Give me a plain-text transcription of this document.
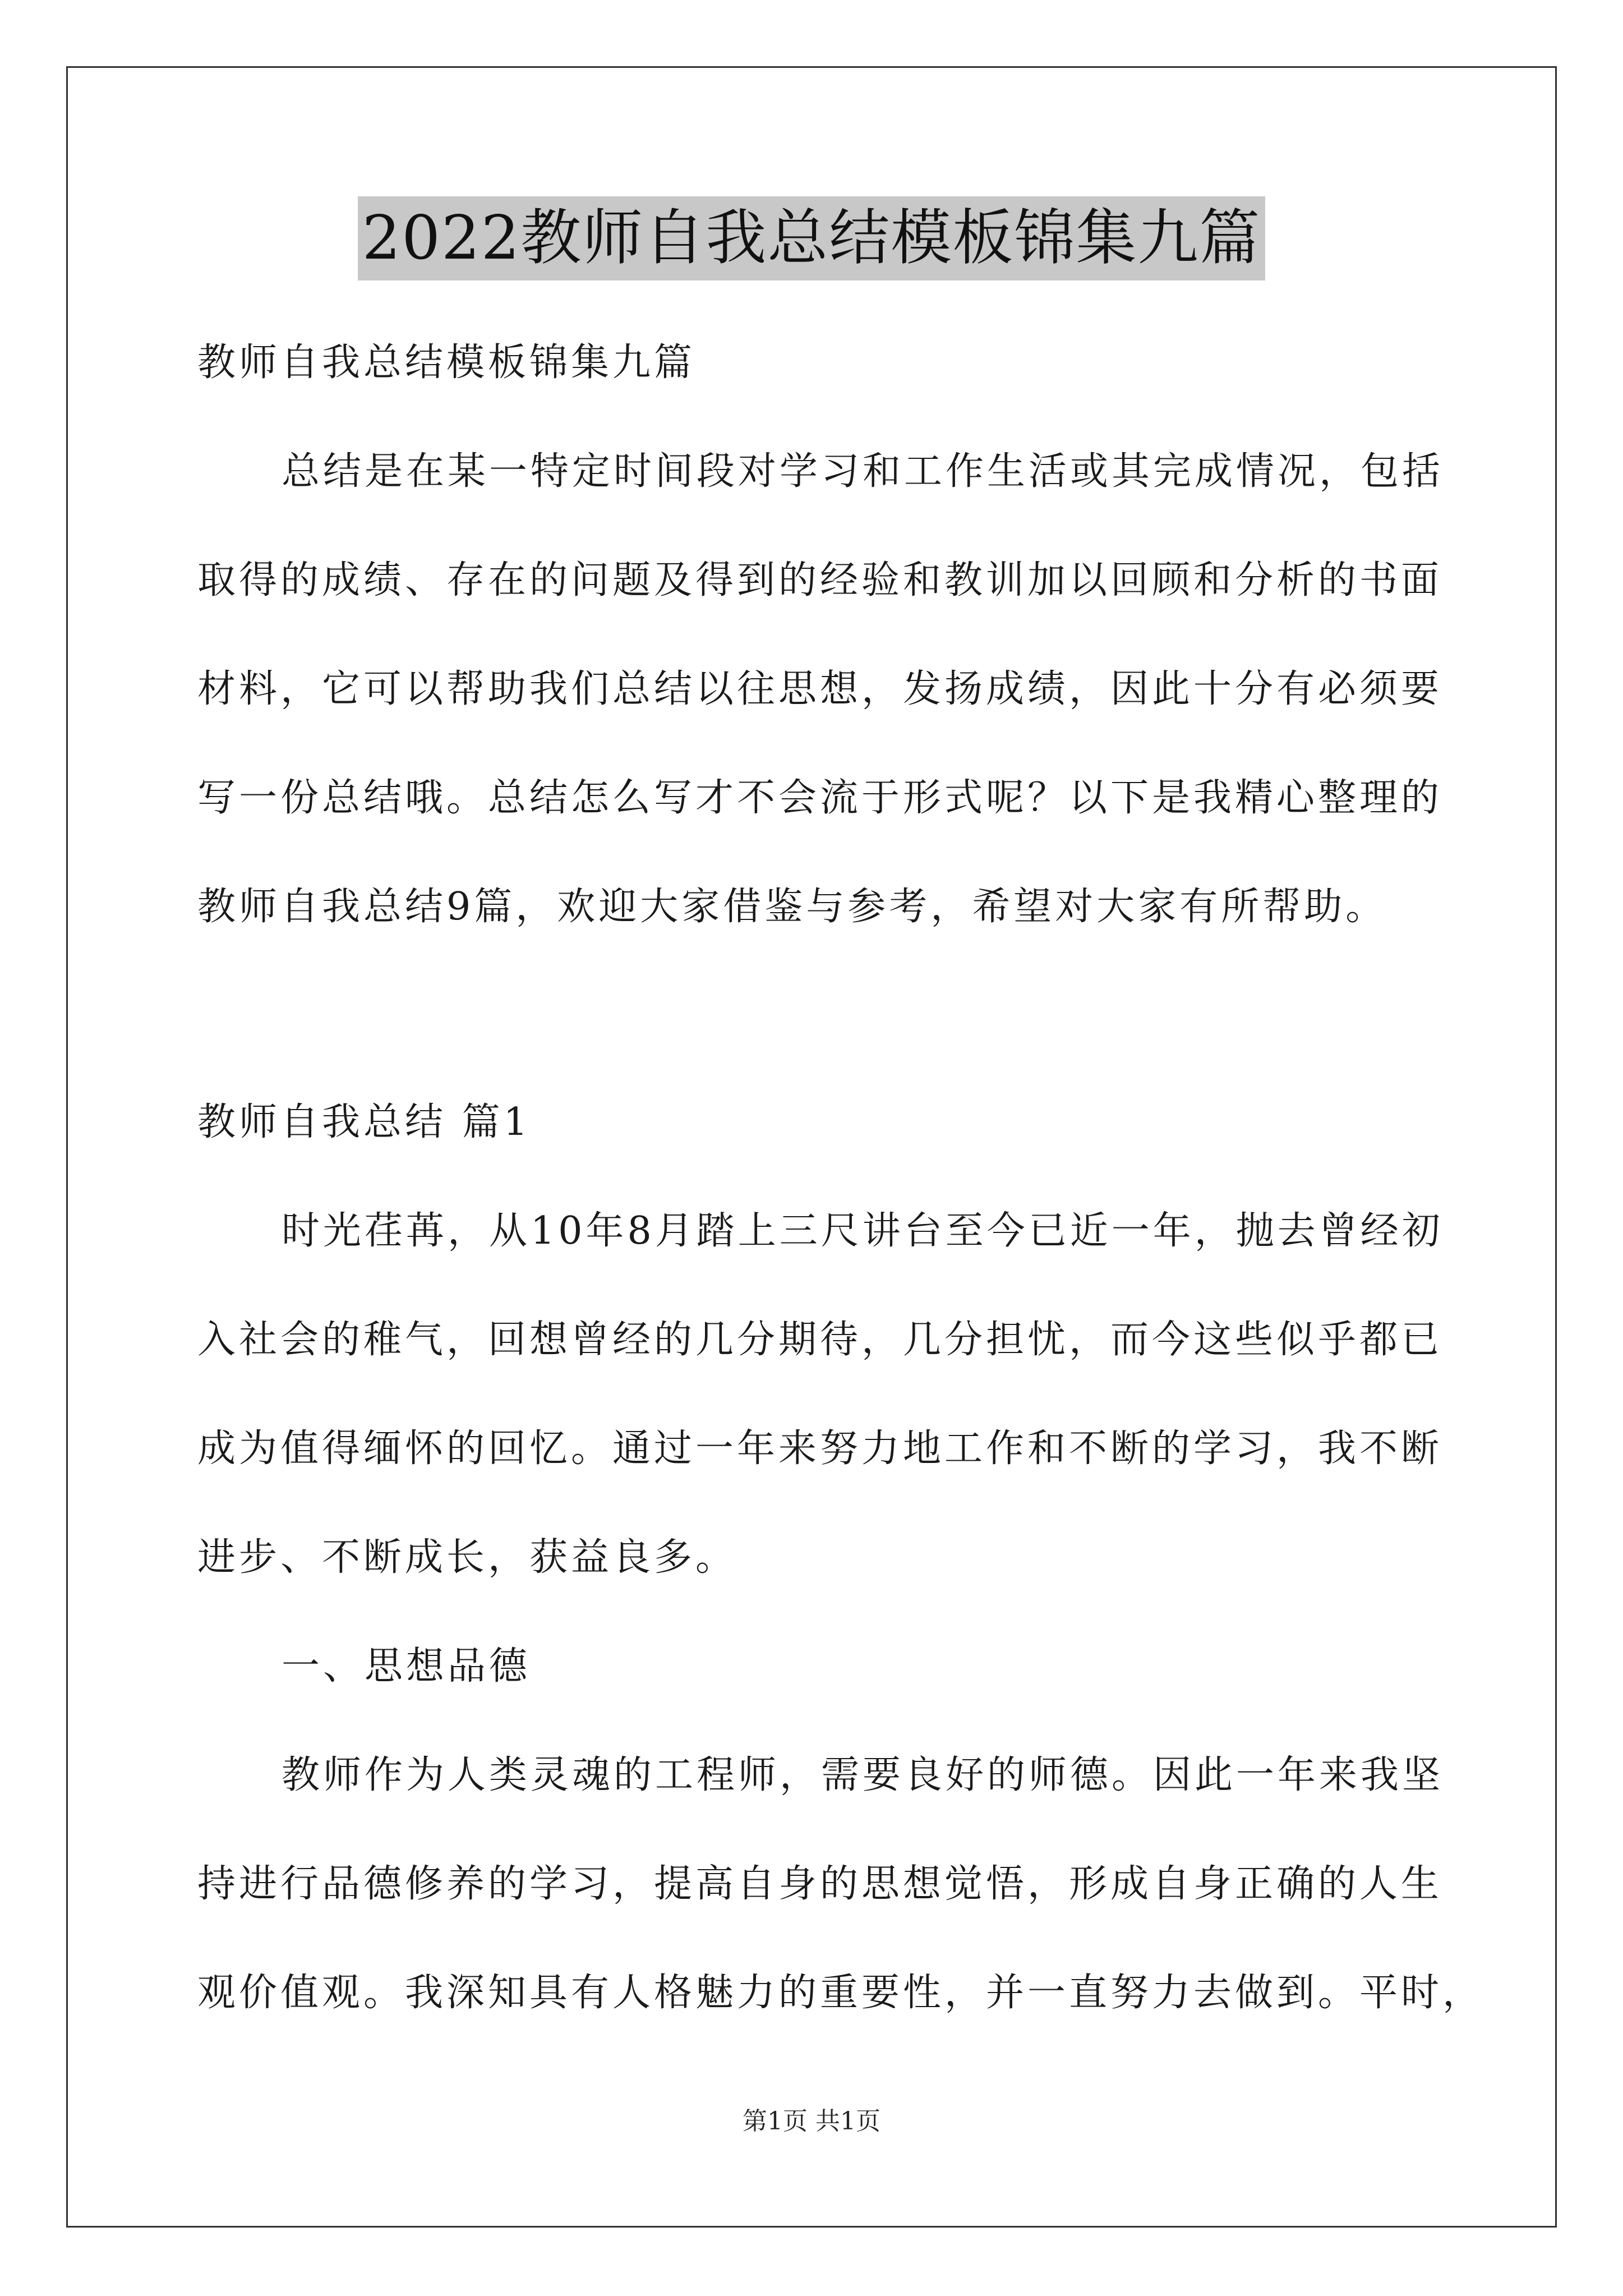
2022教师自我总结模板锦集九篇
教师自我总结模板锦集九篇
总结是在某一特定时间段对学习和工作生活或其完成情况，包括
取得的成绩、存在的问题及得到的经验和教训加以回顾和分析的书面
材料，它可以帮助我们总结以往思想，发扬成绩，因此十分有必须要
写一份总结哦。总结怎么写才不会流于形式呢？以下是我精心整理的
教师自我总结9篇，欢迎大家借鉴与参考，希望对大家有所帮助。
教师自我总结 篇1
时光荏苒，从10年8月踏上三尺讲台至今已近一年，抛去曾经初
入社会的稚气，回想曾经的几分期待，几分担忧，而今这些似乎都已
成为值得缅怀的回忆。通过一年来努力地工作和不断的学习，我不断
进步、不断成长，获益良多。
一、思想品德
教师作为人类灵魂的工程师，需要良好的师德。因此一年来我坚
持进行品德修养的学习，提高自身的思想觉悟，形成自身正确的人生
观价值观。我深知具有人格魅力的重要性，并一直努力去做到。平时，
第1页 共1页
